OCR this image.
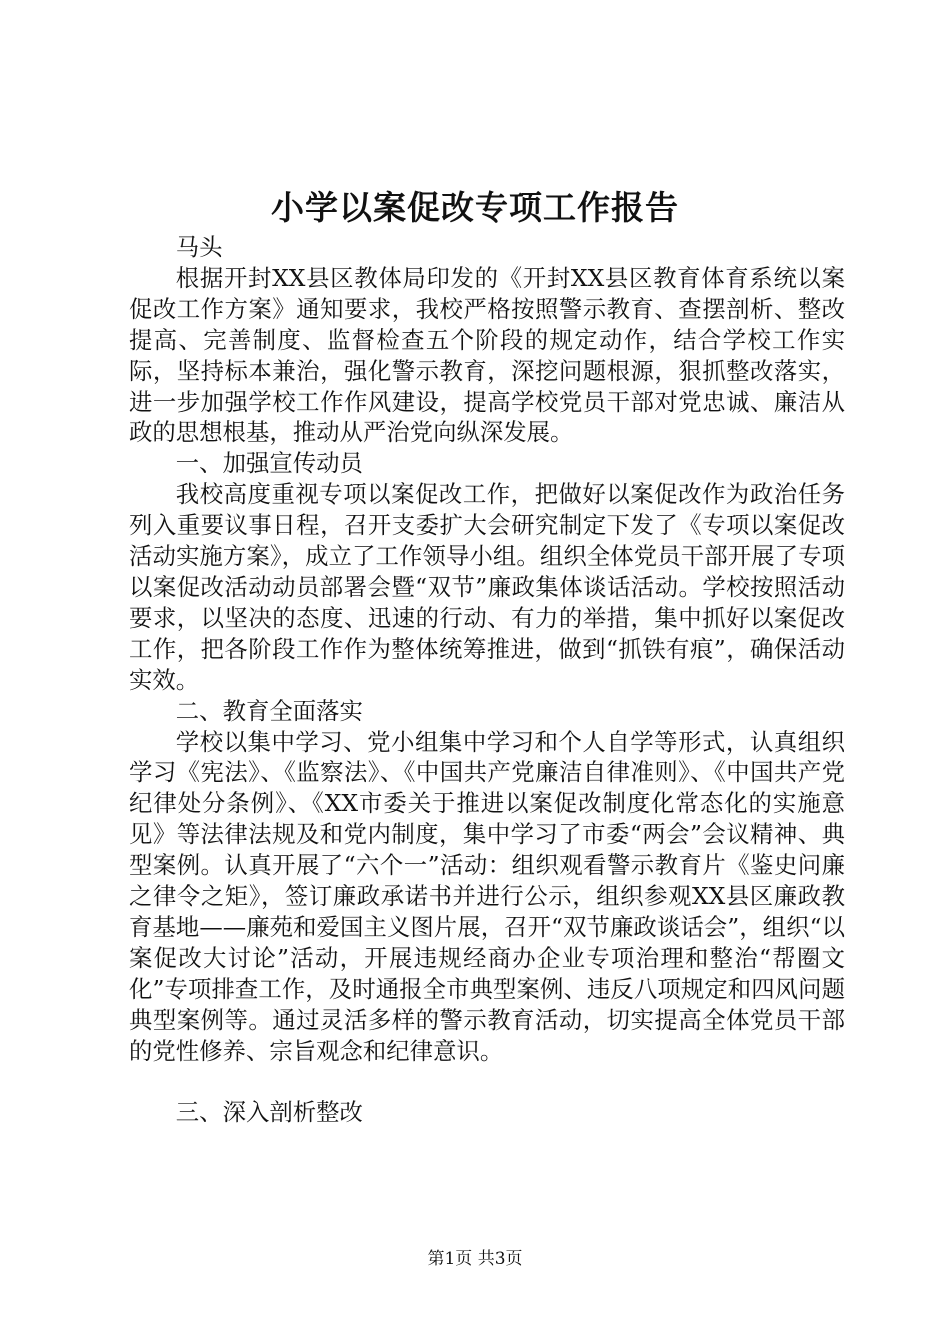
小学以案促改专项工作报告

马头

根据开封XX县区教体局印发的《开封XX县区教育体育系统以案促改工作方案》通知要求，我校严格按照警示教育、查摆剖析、整改提高、完善制度、监督检查五个阶段的规定动作，结合学校工作实际，坚持标本兼治，强化警示教育，深挖问题根源，狠抓整改落实，进一步加强学校工作作风建设，提高学校党员干部对党忠诚、廉洁从政的思想根基，推动从严治党向纵深发展。

一、加强宣传动员

我校高度重视专项以案促改工作，把做好以案促改作为政治任务列入重要议事日程，召开支委扩大会研究制定下发了《专项以案促改活动实施方案》，成立了工作领导小组。组织全体党员干部开展了专项以案促改活动动员部署会暨“双节”廉政集体谈话活动。学校按照活动要求，以坚决的态度、迅速的行动、有力的举措，集中抓好以案促改工作，把各阶段工作作为整体统筹推进，做到“抓铁有痕”，确保活动实效。

二、教育全面落实

学校以集中学习、党小组集中学习和个人自学等形式，认真组织学习《宪法》、《监察法》、《中国共产党廉洁自律准则》、《中国共产党纪律处分条例》、《XX市委关于推进以案促改制度化常态化的实施意见》等法律法规及和党内制度，集中学习了市委“两会”会议精神、典型案例。认真开展了“六个一”活动：组织观看警示教育片《鉴史问廉之律令之矩》，签订廉政承诺书并进行公示，组织参观XX县区廉政教育基地——廉苑和爱国主义图片展，召开“双节廉政谈话会”，组织“以案促改大讨论”活动，开展违规经商办企业专项治理和整治“帮圈文化”专项排查工作，及时通报全市典型案例、违反八项规定和四风问题典型案例等。通过灵活多样的警示教育活动，切实提高全体党员干部的党性修养、宗旨观念和纪律意识。

三、深入剖析整改

第1页 共3页
